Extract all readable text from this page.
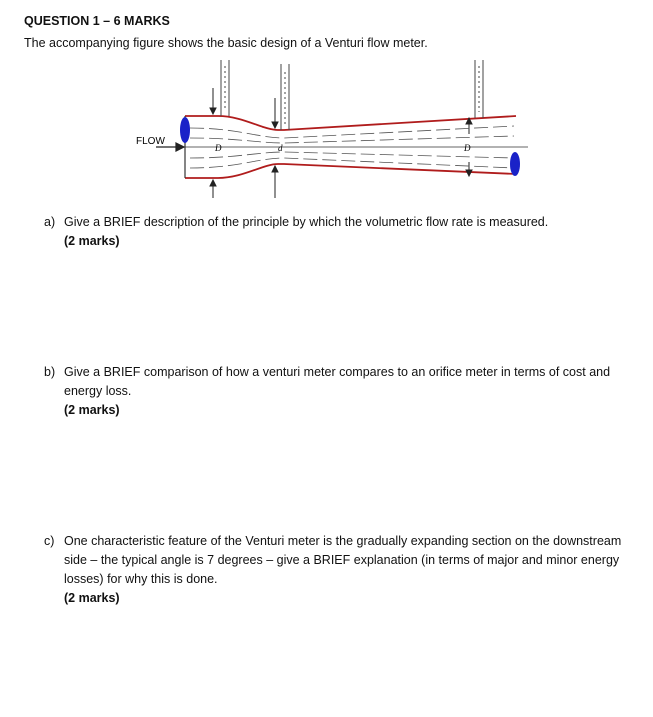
QUESTION 1 – 6 MARKS
The accompanying figure shows the basic design of a Venturi flow meter.
FLOW
D	d	D
a) Give a BRIEF description of the principle by which the volumetric flow rate is measured.
(2 marks)
b) Give a BRIEF comparison of how a venturi meter compares to an orifice meter in terms of cost and energy loss.
(2 marks)
c) One characteristic feature of the Venturi meter is the gradually expanding section on the downstream side – the typical angle is 7 degrees – give a BRIEF explanation (in terms of major and minor energy losses) for why this is done.
(2 marks)
